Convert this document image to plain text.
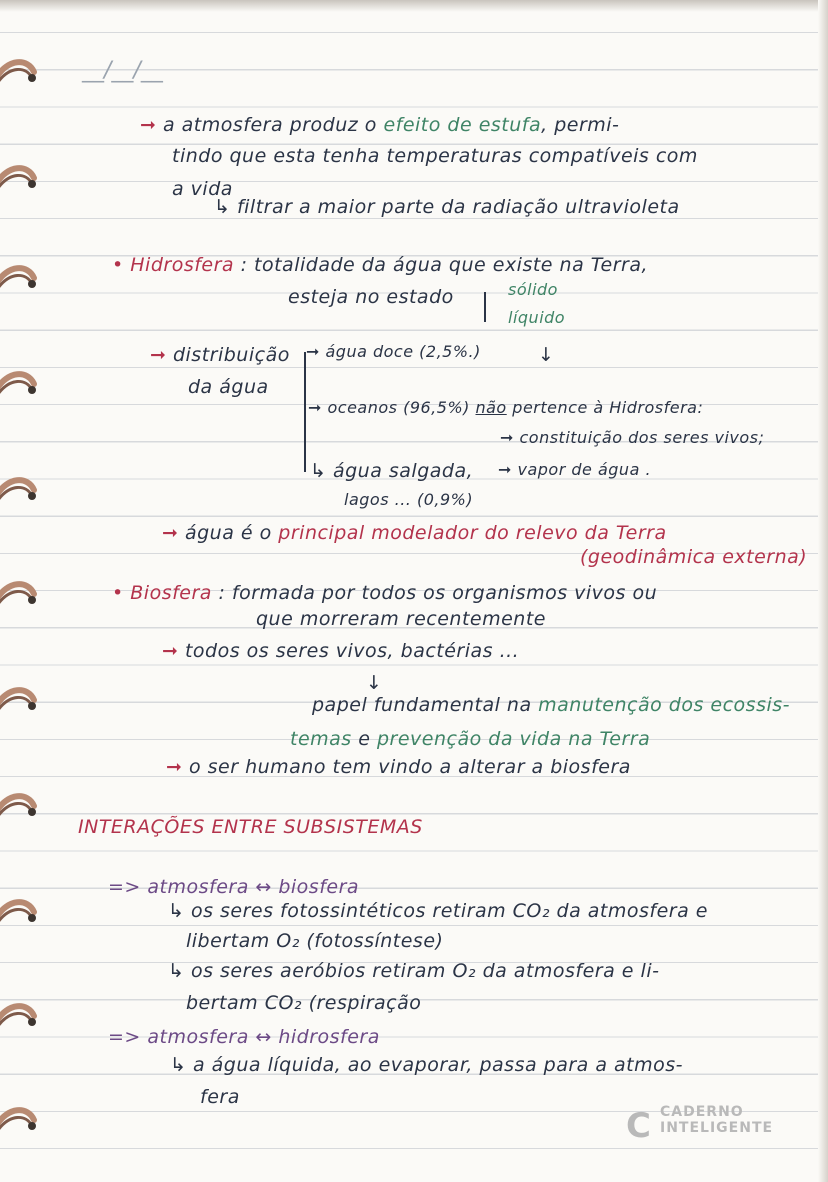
__/__/__
↓
➞ a atmosfera produz o efeito de estufa, permi-
tindo que esta tenha temperaturas compatíveis com
a vida
↳ filtrar a maior parte da radiação ultravioleta
• Hidrosfera : totalidade da água que existe na Terra,
esteja no estado	sólido
líquido
➞ distribuição
da água
➞ água doce (2,5%.)
➞ oceanos (96,5%) não pertence à Hidrosfera:
➞ constituição dos seres vivos;
↳ água salgada, ➞ vapor de água .
lagos ... (0,9%)
➞ água é o principal modelador do relevo da Terra
(geodinâmica externa)
• Biosfera : formada por todos os organismos vivos ou
que morreram recentemente
➞ todos os seres vivos, bactérias ...
↓
papel fundamental na manutenção dos ecossis-
temas e prevenção da vida na Terra
➞ o ser humano tem vindo a alterar a biosfera
INTERAÇÕES ENTRE SUBSISTEMAS
=> atmosfera ↔ biosfera
↳ os seres fotossintéticos retiram CO₂ da atmosfera e
libertam O₂ (fotossíntese)
↳ os seres aeróbios retiram O₂ da atmosfera e li-
bertam CO₂ (respiração
=> atmosfera ↔ hidrosfera
↳ a água líquida, ao evaporar, passa para a atmos-
fera
C CADERNO
INTELIGENTE
